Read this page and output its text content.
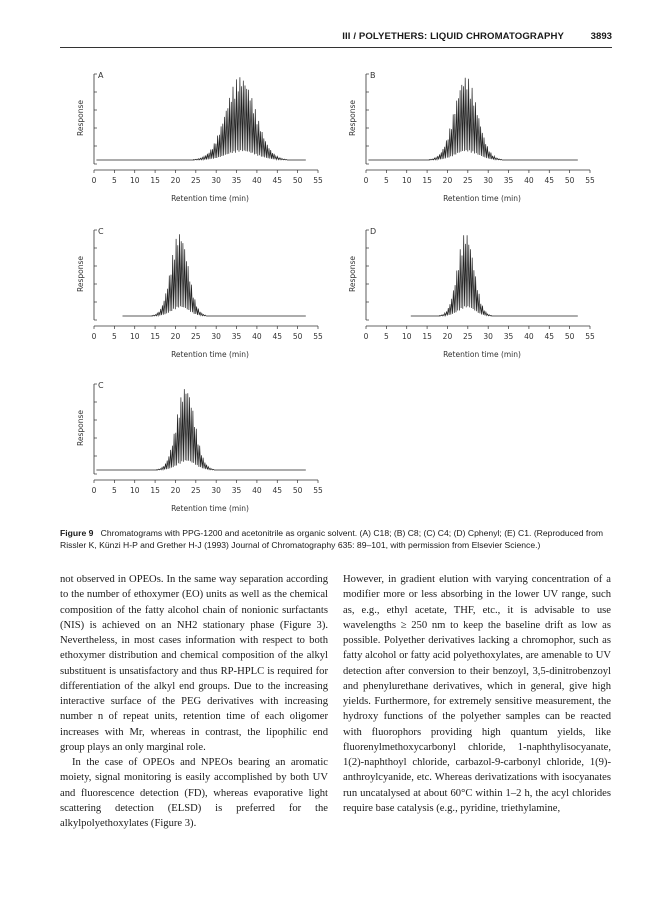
III / POLYETHERS: LIQUID CHROMATOGRAPHY	3893
A
Response
0 5 10 15 20 25 30 35 40 45 50 55
Retention time (min)
B
Response
0 5 10 15 20 25 30 35 40 45 50 55
Retention time (min)
C
Response
0 5 10 15 20 25 30 35 40 45 50 55
Retention time (min)
D
Response
0 5 10 15 20 25 30 35 40 45 50 55
Retention time (min)
C
Response
0 5 10 15 20 25 30 35 40 45 50 55
Retention time (min)
Figure 9 Chromatograms with PPG-1200 and acetonitrile as organic solvent. (A) C18; (B) C8; (C) C4; (D) Cphenyl; (E) C1. (Reproduced from Rissler K, Künzi H-P and Grether H-J (1993) Journal of Chromatography 635: 89–101, with permission from Elsevier Science.)

not observed in OPEOs. In the same way separation according to the number of ethoxymer (EO) units as well as the chemical composition of the fatty alcohol chain of nonionic surfactants (NIS) is achieved on an NH2 stationary phase (Figure 3). Nevertheless, in most cases information with respect to both ethoxymer distribution and chemical composition of the alkyl substituent is unsatisfactory and thus RP-HPLC is required for differentiation of the alkyl end groups. Due to the increasing interactive surface of the PEG derivatives with increasing number n of repeat units, retention time of each oligomer increases with Mr, whereas in contrast, the lipophilic end group plays an only marginal role.

In the case of OPEOs and NPEOs bearing an aromatic moiety, signal monitoring is easily accomplished by both UV and fluorescence detection (FD), whereas evaporative light scattering detection (ELSD) is preferred for the alkylpolyethoxylates (Figure 3).

However, in gradient elution with varying concentration of a modifier more or less absorbing in the lower UV range, such as, e.g., ethyl acetate, THF, etc., it is advisable to use wavelengths ≥ 250 nm to keep the baseline drift as low as possible. Polyether derivatives lacking a chromophor, such as fatty alcohol or fatty acid polyethoxylates, are amenable to UV detection after conversion to their benzoyl, 3,5-dinitrobenzoyl and phenylurethane derivatives, which in general, give high yields. Furthermore, for extremely sensitive measurement, the hydroxy functions of the polyether samples can be reacted with fluorophors providing high quantum yields, like fluorenylmethoxycarbonyl chloride, 1-naphthylisocyanate, 1(2)-naphthoyl chloride, carbazol-9-carbonyl chloride, 1(9)-anthroylcyanide, etc. Whereas derivatizations with isocyanates run uncatalysed at about 60°C within 1–2 h, the acyl chlorides require base catalysis (e.g., pyridine, triethylamine,
